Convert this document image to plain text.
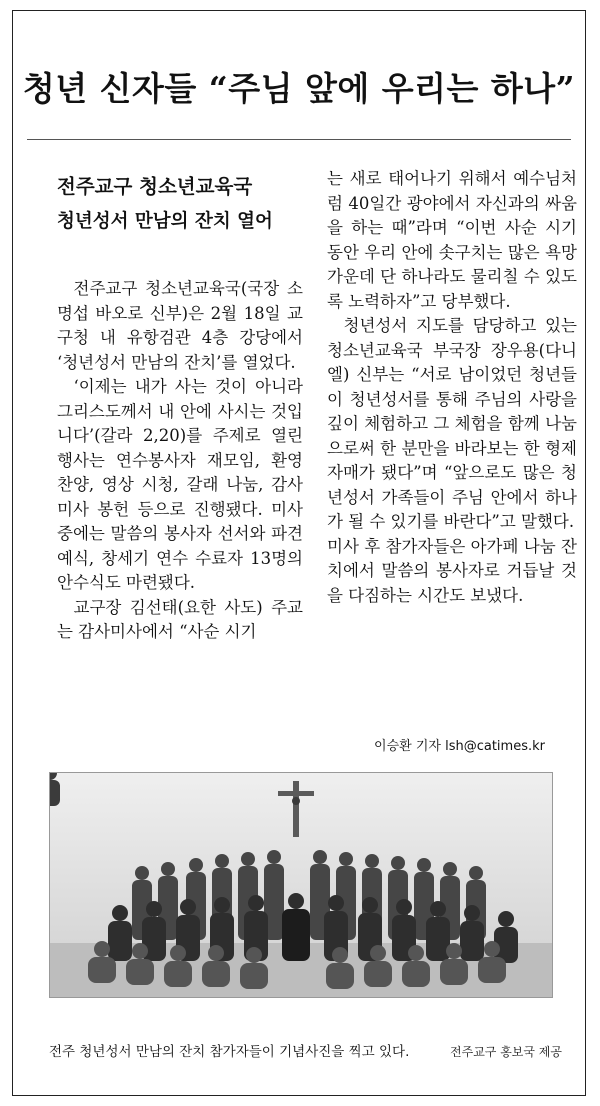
청년 신자들 “주님 앞에 우리는 하나”
전주교구 청소년교육국
청년성서 만남의 잔치 열어

전주교구 청소년교육국(국장 소명섭 바오로 신부)은 2월 18일 교구청 내 유항검관 4층 강당에서 ‘청년성서 만남의 잔치’를 열었다.

‘이제는 내가 사는 것이 아니라 그리스도께서 내 안에 사시는 것입니다’(갈라 2,20)를 주제로 열린 행사는 연수봉사자 재모임, 환영 찬양, 영상 시청, 갈래 나눔, 감사미사 봉헌 등으로 진행됐다. 미사 중에는 말씀의 봉사자 선서와 파견예식, 창세기 연수 수료자 13명의 안수식도 마련됐다.

교구장 김선태(요한 사도) 주교는 감사미사에서 “사순 시기

는 새로 태어나기 위해서 예수님처럼 40일간 광야에서 자신과의 싸움을 하는 때”라며 “이번 사순 시기 동안 우리 안에 솟구치는 많은 욕망 가운데 단 하나라도 물리칠 수 있도록 노력하자”고 당부했다.

청년성서 지도를 담당하고 있는 청소년교육국 부국장 장우용(다니엘) 신부는 “서로 남이었던 청년들이 청년성서를 통해 주님의 사랑을 깊이 체험하고 그 체험을 함께 나눔으로써 한 분만을 바라보는 한 형제자매가 됐다”며 “앞으로도 많은 청년성서 가족들이 주님 안에서 하나가 될 수 있기를 바란다”고 말했다.

미사 후 참가자들은 아가페 나눔 잔치에서 말씀의 봉사자로 거듭날 것을 다짐하는 시간도 보냈다.

이승환 기자 lsh@catimes.kr
전주 청년성서 만남의 잔치 참가자들이 기념사진을 찍고 있다.	전주교구 홍보국 제공
